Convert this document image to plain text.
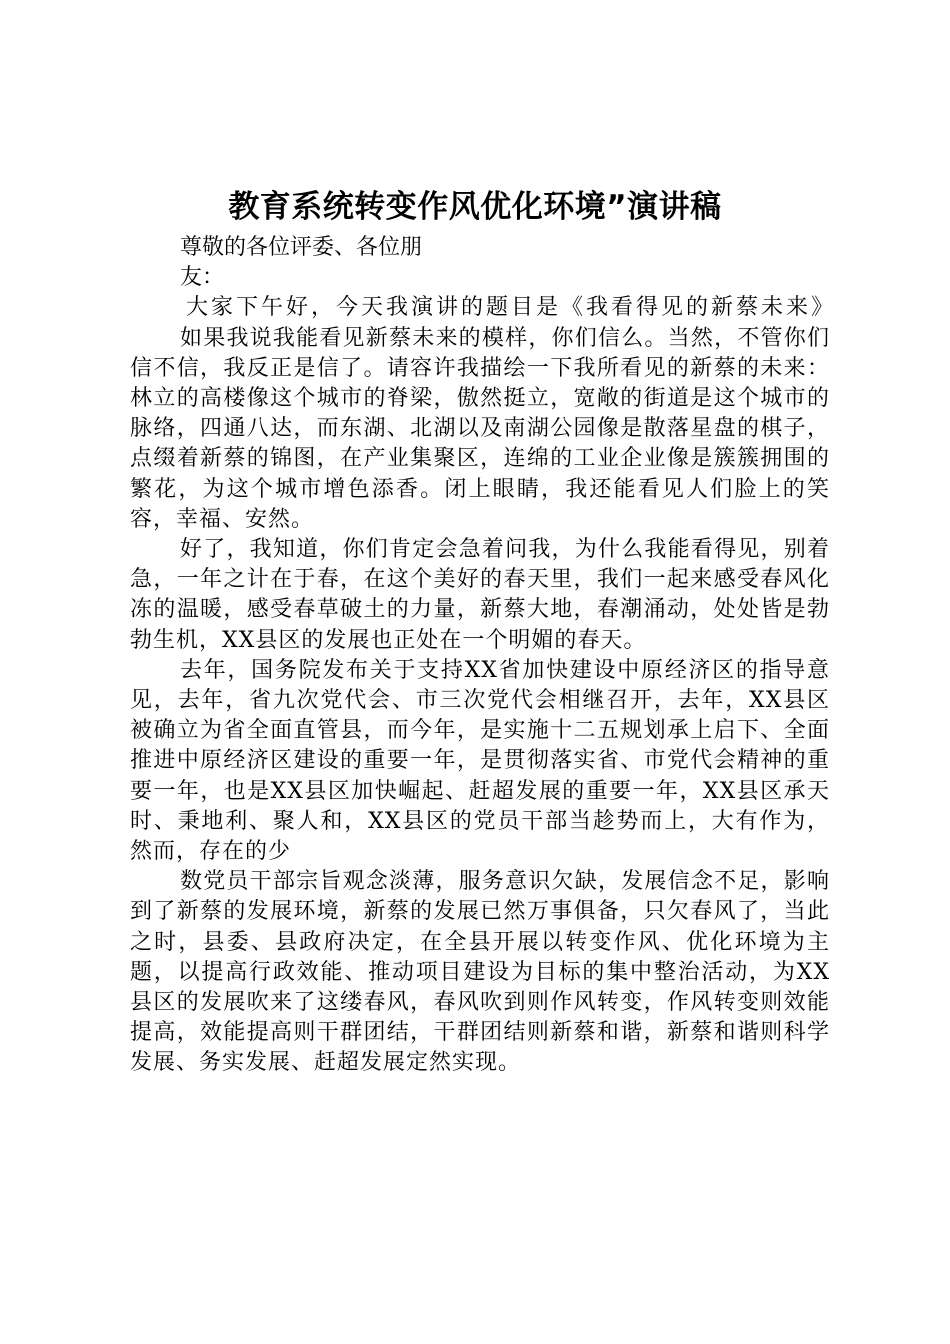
教育系统转变作风优化环境”演讲稿

尊敬的各位评委、各位朋友：

大家下午好，今天我演讲的题目是《我看得见的新蔡未来》

如果我说我能看见新蔡未来的模样，你们信么。当然，不管你们信不信，我反正是信了。请容许我描绘一下我所看见的新蔡的未来：林立的高楼像这个城市的脊梁，傲然挺立，宽敞的街道是这个城市的脉络，四通八达，而东湖、北湖以及南湖公园像是散落星盘的棋子，点缀着新蔡的锦图，在产业集聚区，连绵的工业企业像是簇簇拥围的繁花，为这个城市增色添香。闭上眼睛，我还能看见人们脸上的笑容，幸福、安然。

好了，我知道，你们肯定会急着问我，为什么我能看得见，别着急，一年之计在于春，在这个美好的春天里，我们一起来感受春风化冻的温暖，感受春草破土的力量，新蔡大地，春潮涌动，处处皆是勃勃生机，XX县区的发展也正处在一个明媚的春天。

去年，国务院发布关于支持XX省加快建设中原经济区的指导意见，去年，省九次党代会、市三次党代会相继召开，去年，XX县区被确立为省全面直管县，而今年，是实施十二五规划承上启下、全面推进中原经济区建设的重要一年，是贯彻落实省、市党代会精神的重要一年，也是XX县区加快崛起、赶超发展的重要一年，XX县区承天时、秉地利、聚人和，XX县区的党员干部当趁势而上，大有作为，然而，存在的少

数党员干部宗旨观念淡薄，服务意识欠缺，发展信念不足，影响到了新蔡的发展环境，新蔡的发展已然万事俱备，只欠春风了，当此之时，县委、县政府决定，在全县开展以转变作风、优化环境为主题，以提高行政效能、推动项目建设为目标的集中整治活动，为XX县区的发展吹来了这缕春风，春风吹到则作风转变，作风转变则效能提高，效能提高则干群团结，干群团结则新蔡和谐，新蔡和谐则科学发展、务实发展、赶超发展定然实现。
